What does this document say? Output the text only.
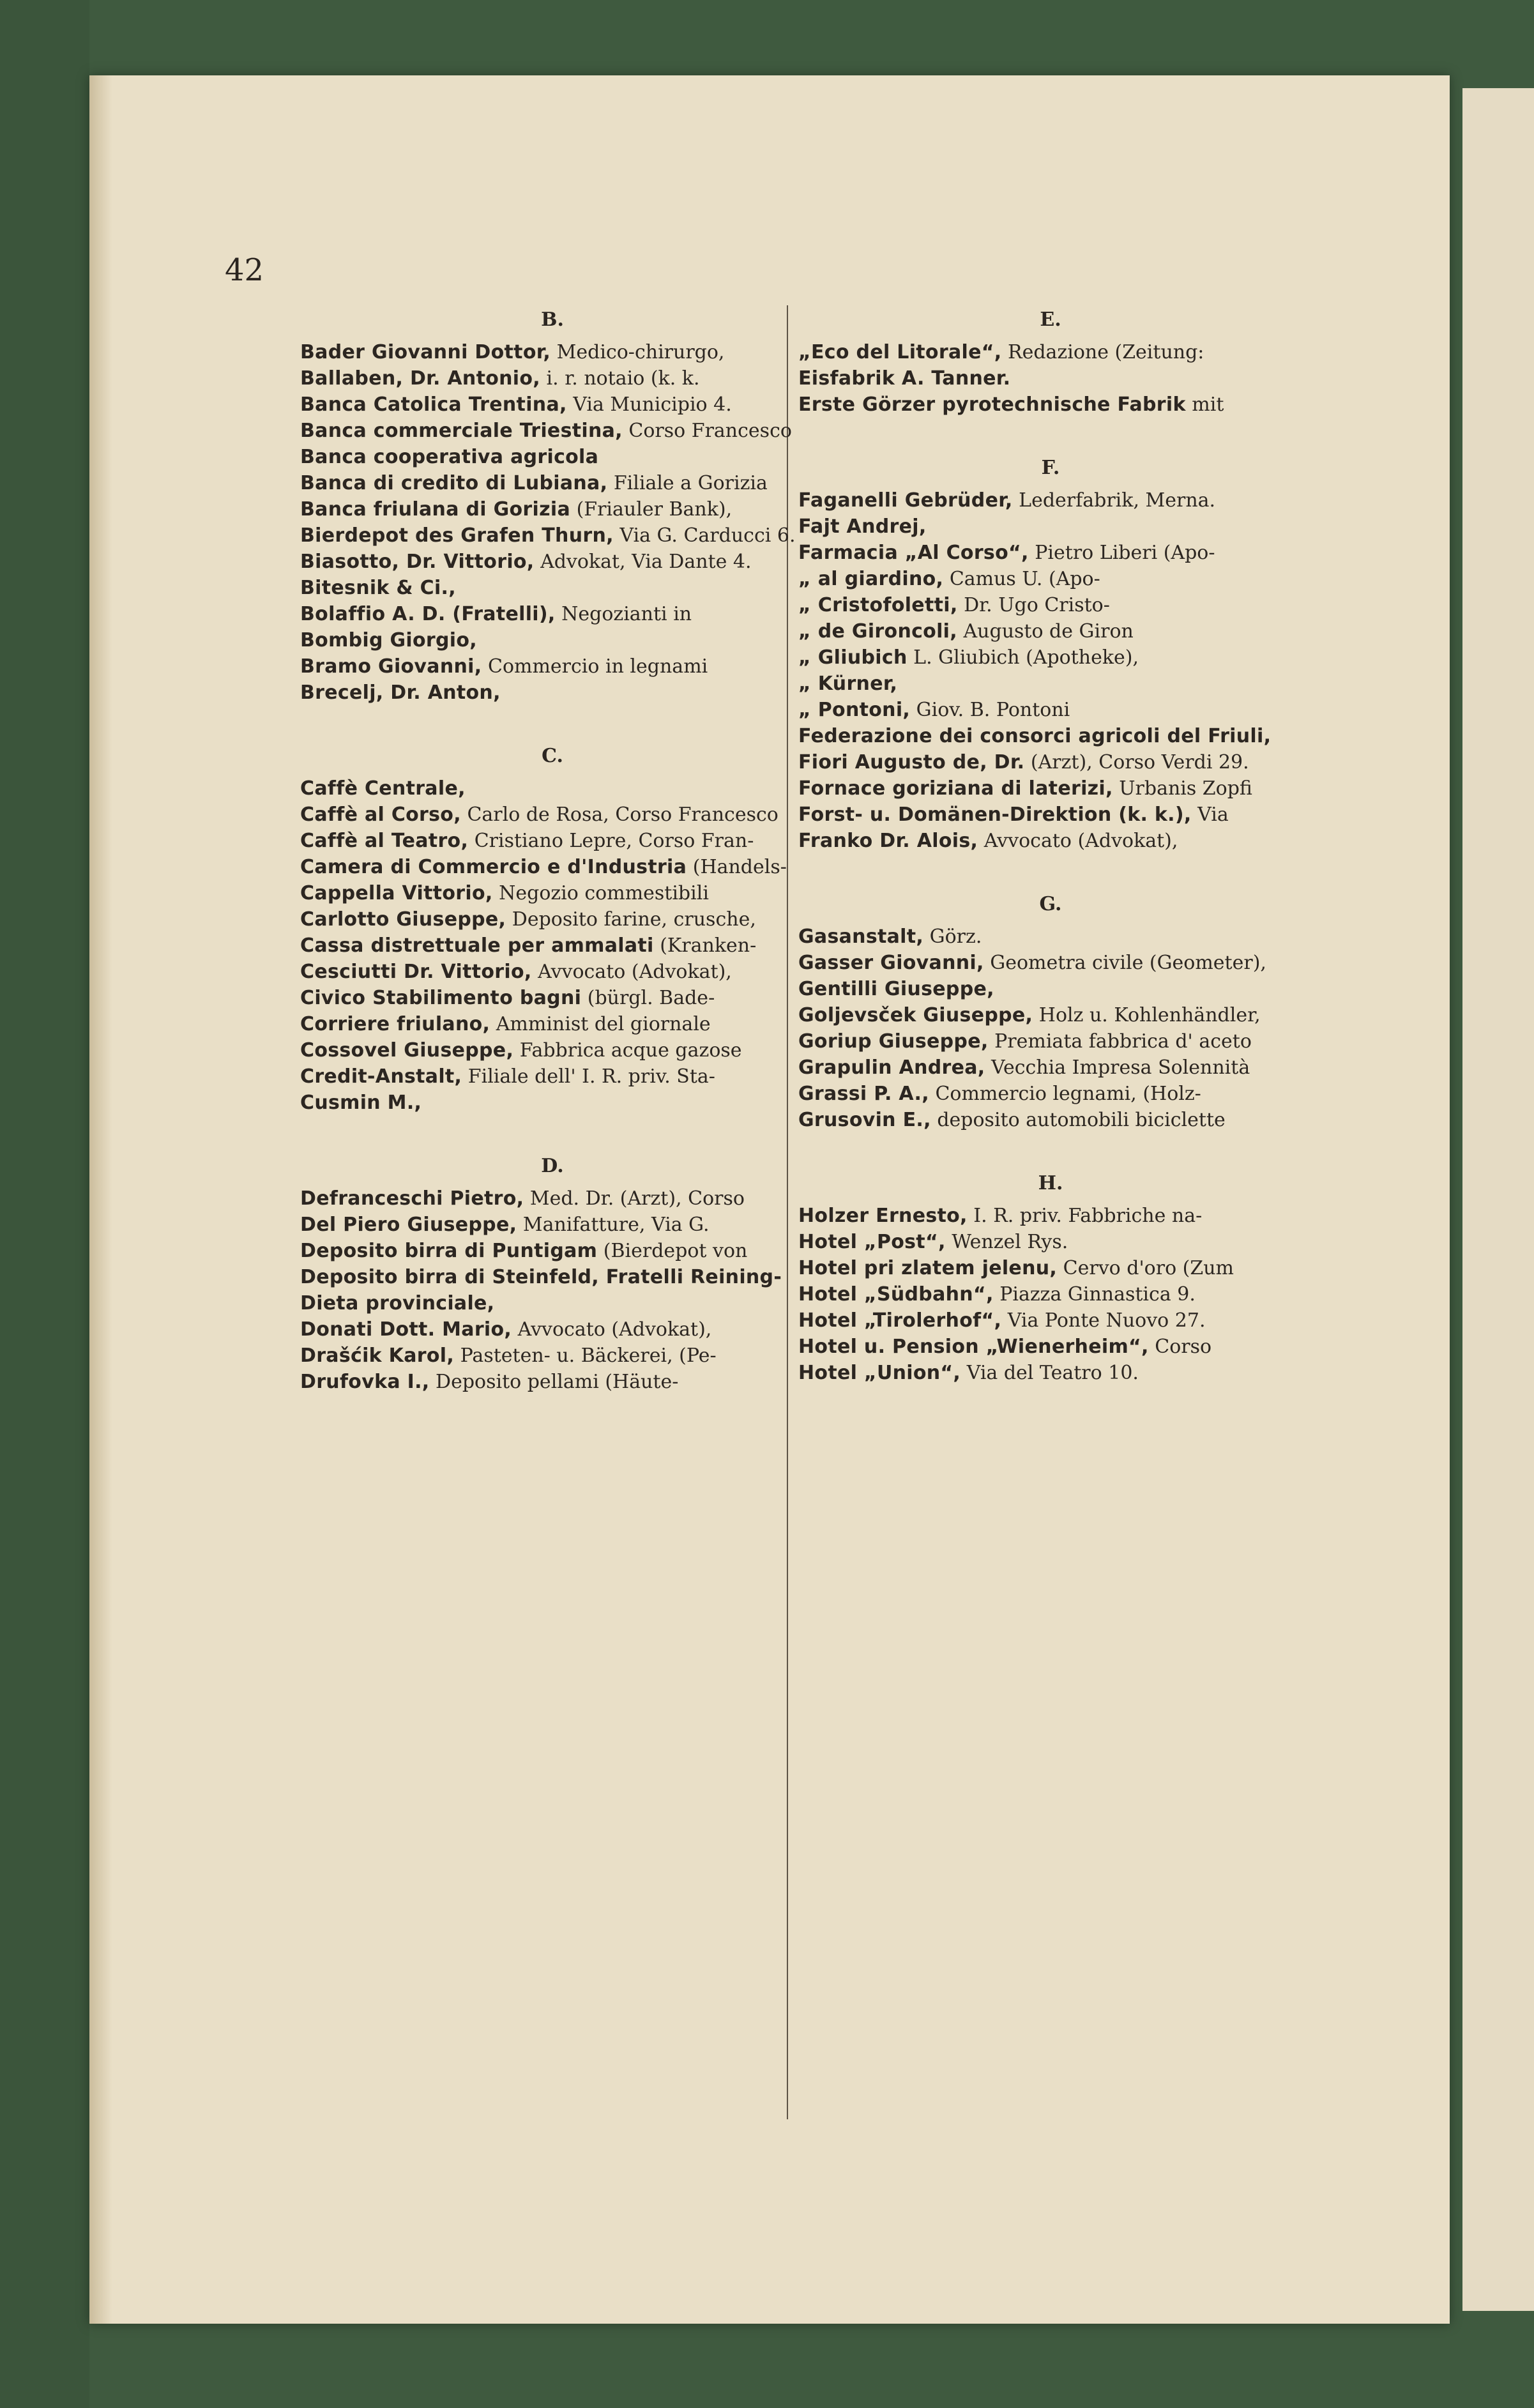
42
B.
Bader Giovanni Dottor, Medico-chirurgo,
Ballaben, Dr. Antonio, i. r. notaio (k. k.
Banca Catolica Trentina, Via Municipio 4.
Banca commerciale Triestina, Corso Francesco
Banca cooperativa agricola
Banca di credito di Lubiana, Filiale a Gorizia
Banca friulana di Gorizia (Friauler Bank),
Bierdepot des Grafen Thurn, Via G. Carducci 6.
Biasotto, Dr. Vittorio, Advokat, Via Dante 4.
Bitesnik & Ci.,
Bolaffio A. D. (Fratelli), Negozianti in
Bombig Giorgio,
Bramo Giovanni, Commercio in legnami
Brecelj, Dr. Anton,
C.
Caffè Centrale,
Caffè al Corso, Carlo de Rosa, Corso Francesco
Caffè al Teatro, Cristiano Lepre, Corso Fran-
Camera di Commercio e d'Industria (Handels-
Cappella Vittorio, Negozio commestibili
Carlotto Giuseppe, Deposito farine, crusche,
Cassa distrettuale per ammalati (Kranken-
Cesciutti Dr. Vittorio, Avvocato (Advokat),
Civico Stabilimento bagni (bürgl. Bade-
Corriere friulano, Amminist del giornale
Cossovel Giuseppe, Fabbrica acque gazose
Credit-Anstalt, Filiale dell' I. R. priv. Sta-
Cusmin M.,
D.
Defranceschi Pietro, Med. Dr. (Arzt), Corso
Del Piero Giuseppe, Manifatture, Via G.
Deposito birra di Puntigam (Bierdepot von
Deposito birra di Steinfeld, Fratelli Reining-
Dieta provinciale,
Donati Dott. Mario, Avvocato (Advokat),
Drašćik Karol, Pasteten- u. Bäckerei, (Pe-
Drufovka I., Deposito pellami (Häute-
E.
„Eco del Litorale“, Redazione (Zeitung:
Eisfabrik A. Tanner.
Erste Görzer pyrotechnische Fabrik mit
F.
Faganelli Gebrüder, Lederfabrik, Merna.
Fajt Andrej,
Farmacia „Al Corso“, Pietro Liberi (Apo-
„ al giardino, Camus U. (Apo-
„ Cristofoletti, Dr. Ugo Cristo-
„ de Gironcoli, Augusto de Giron
„ Gliubich L. Gliubich (Apotheke),
„ Kürner,
„ Pontoni, Giov. B. Pontoni
Federazione dei consorci agricoli del Friuli,
Fiori Augusto de, Dr. (Arzt), Corso Verdi 29.
Fornace goriziana di laterizi, Urbanis Zopfi
Forst- u. Domänen-Direktion (k. k.), Via
Franko Dr. Alois, Avvocato (Advokat),
G.
Gasanstalt, Görz.
Gasser Giovanni, Geometra civile (Geometer),
Gentilli Giuseppe,
Goljevsček Giuseppe, Holz u. Kohlenhändler,
Goriup Giuseppe, Premiata fabbrica d' aceto
Grapulin Andrea, Vecchia Impresa Solennità
Grassi P. A., Commercio legnami, (Holz-
Grusovin E., deposito automobili biciclette
H.
Holzer Ernesto, I. R. priv. Fabbriche na-
Hotel „Post“, Wenzel Rys.
Hotel pri zlatem jelenu, Cervo d'oro (Zum
Hotel „Südbahn“, Piazza Ginnastica 9.
Hotel „Tirolerhof“, Via Ponte Nuovo 27.
Hotel u. Pension „Wienerheim“, Corso
Hotel „Union“, Via del Teatro 10.
